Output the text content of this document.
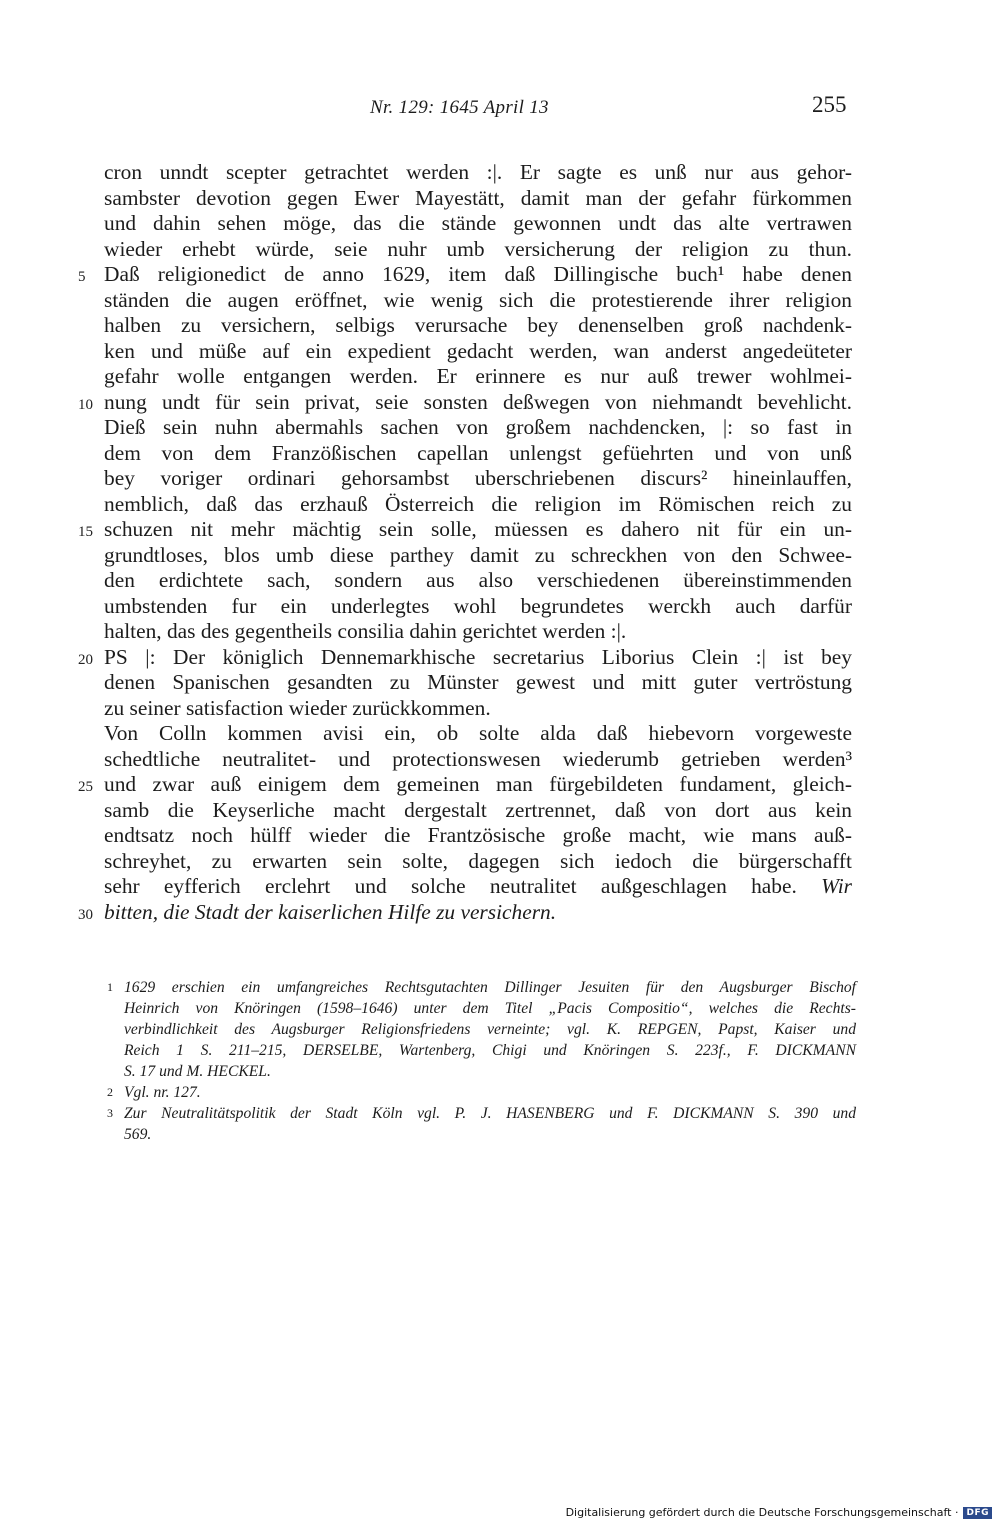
Nr. 129: 1645 April 13	255
cron unndt scepter getrachtet werden :|. Er sagte es unß nur aus gehor-
sambster devotion gegen Ewer Mayestätt, damit man der gefahr fürkommen
und dahin sehen möge, das die stände gewonnen undt das alte vertrawen
wieder erhebt würde, seie nuhr umb versicherung der religion zu thun.
5 Daß religionedict de anno 1629, item daß Dillingische buch¹ habe denen
ständen die augen eröffnet, wie wenig sich die protestierende ihrer religion
halben zu versichern, selbigs verursache bey denenselben groß nachdenk-
ken und müße auf ein expedient gedacht werden, wan anderst angedeüteter
gefahr wolle entgangen werden. Er erinnere es nur auß trewer wohlmei-
10 nung undt für sein privat, seie sonsten deßwegen von niehmandt bevehlicht.
Dieß sein nuhn abermahls sachen von großem nachdencken, |: so fast in
dem von dem Franzößischen capellan unlengst gefüehrten und von unß
bey voriger ordinari gehorsambst uberschriebenen discurs² hineinlauffen,
nemblich, daß das erzhauß Österreich die religion im Römischen reich zu
15 schuzen nit mehr mächtig sein solle, müessen es dahero nit für ein un-
grundtloses, blos umb diese parthey damit zu schreckhen von den Schwee-
den erdichtete sach, sondern aus also verschiedenen übereinstimmenden
umbstenden fur ein underlegtes wohl begrundetes werckh auch darfür
halten, das des gegentheils consilia dahin gerichtet werden :|.
20 PS |: Der königlich Dennemarkhische secretarius Liborius Clein :| ist bey
denen Spanischen gesandten zu Münster gewest und mitt guter vertröstung
zu seiner satisfaction wieder zurückkommen.
Von Colln kommen avisi ein, ob solte alda daß hiebevorn vorgeweste
schedtliche neutralitet- und protectionswesen wiederumb getrieben werden³
25 und zwar auß einigem dem gemeinen man fürgebildeten fundament, gleich-
samb die Keyserliche macht dergestalt zertrennet, daß von dort aus kein
endtsatz noch hülff wieder die Frantzösische große macht, wie mans auß-
schreyhet, zu erwarten sein solte, dagegen sich iedoch die bürgerschafft
sehr eyfferich erclehrt und solche neutralitet außgeschlagen habe. Wir
30 bitten, die Stadt der kaiserlichen Hilfe zu versichern.
1 1629 erschien ein umfangreiches Rechtsgutachten Dillinger Jesuiten für den Augsburger Bischof
Heinrich von Knöringen (1598–1646) unter dem Titel „Pacis Compositio“, welches die Rechts-
verbindlichkeit des Augsburger Religionsfriedens verneinte; vgl. K. REPGEN, Papst, Kaiser und
Reich 1 S. 211–215, DERSELBE, Wartenberg, Chigi und Knöringen S. 223f., F. DICKMANN
S. 17 und M. HECKEL.
2 Vgl. nr. 127.
3 Zur Neutralitätspolitik der Stadt Köln vgl. P. J. HASENBERG und F. DICKMANN S. 390 und
569.
Digitalisierung gefördert durch die Deutsche Forschungsgemeinschaft · DFG
